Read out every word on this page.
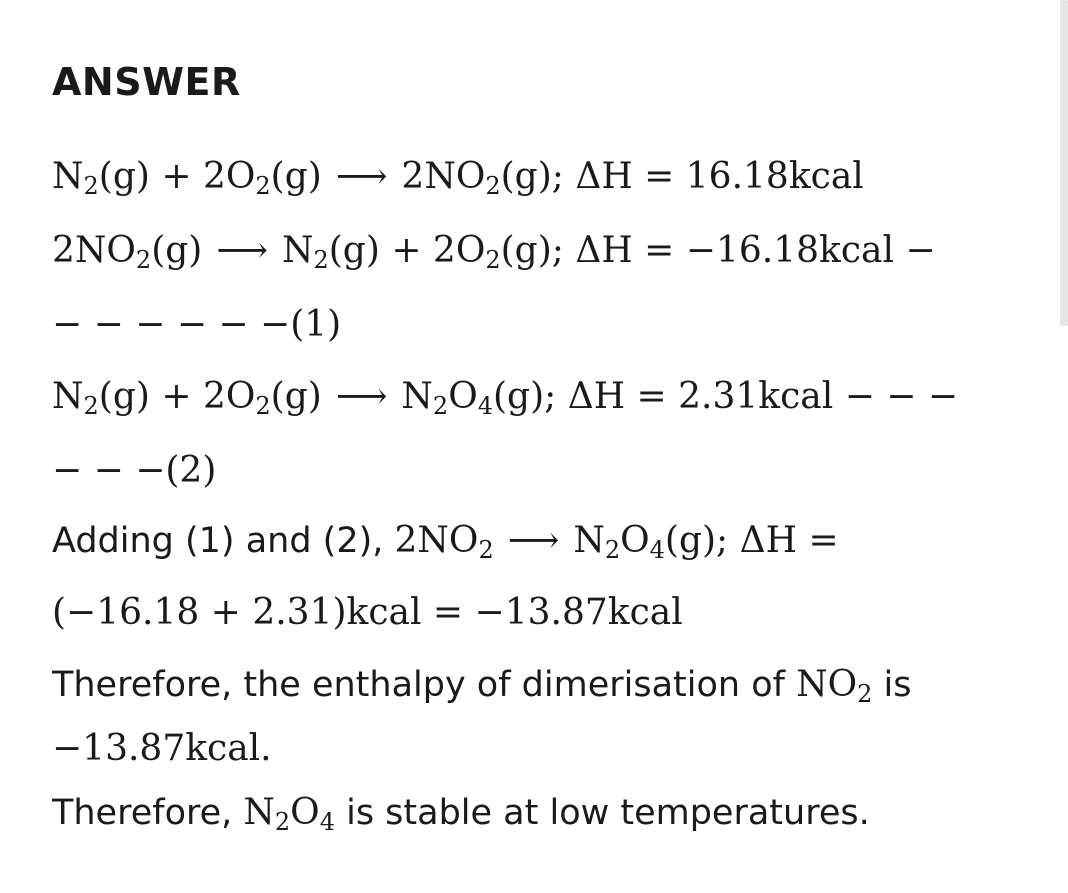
ANSWER
$N_2(g) + 2O_2(g)$ ⟶ $2NO_2(g)$; ΔH = 16.18kcal
$2NO_2(g)$ ⟶ $N_2(g) + 2O_2(g)$; ΔH = −16.18kcal −
− − − − − −(1)
$N_2(g) + 2O_2(g)$ ⟶ $N_2O_4(g)$; ΔH = 2.31kcal − − −
− − −(2)
Adding (1) and (2), $2NO_2$ ⟶ $N_2O_4(g)$; ΔH =
(−16.18 + 2.31)kcal = −13.87kcal
Therefore, the enthalpy of dimerisation of $NO_2$ is
−13.87kcal.
Therefore, $N_2O_4$ is stable at low temperatures.
